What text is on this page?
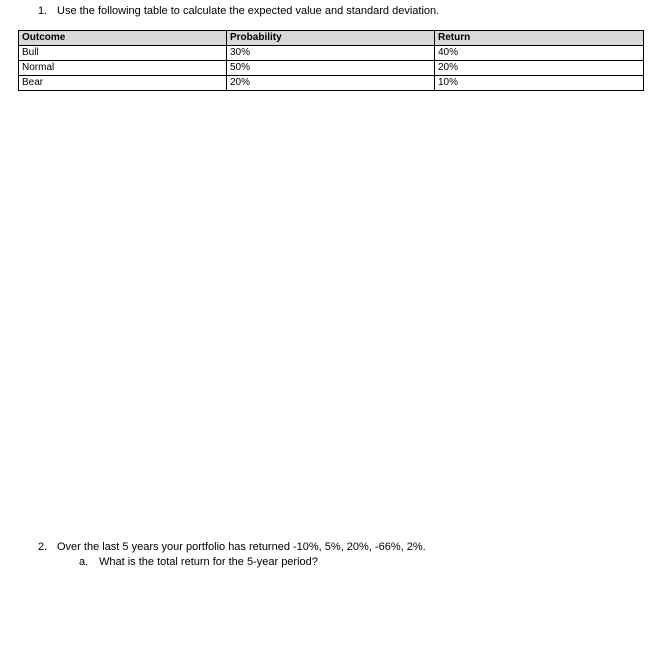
1. Use the following table to calculate the expected value and standard deviation.
Outcome	Probability	Return
Bull	30%	40%
Normal	50%	20%
Bear	20%	10%
2. Over the last 5 years your portfolio has returned -10%, 5%, 20%, -66%, 2%.
a. What is the total return for the 5-year period?
